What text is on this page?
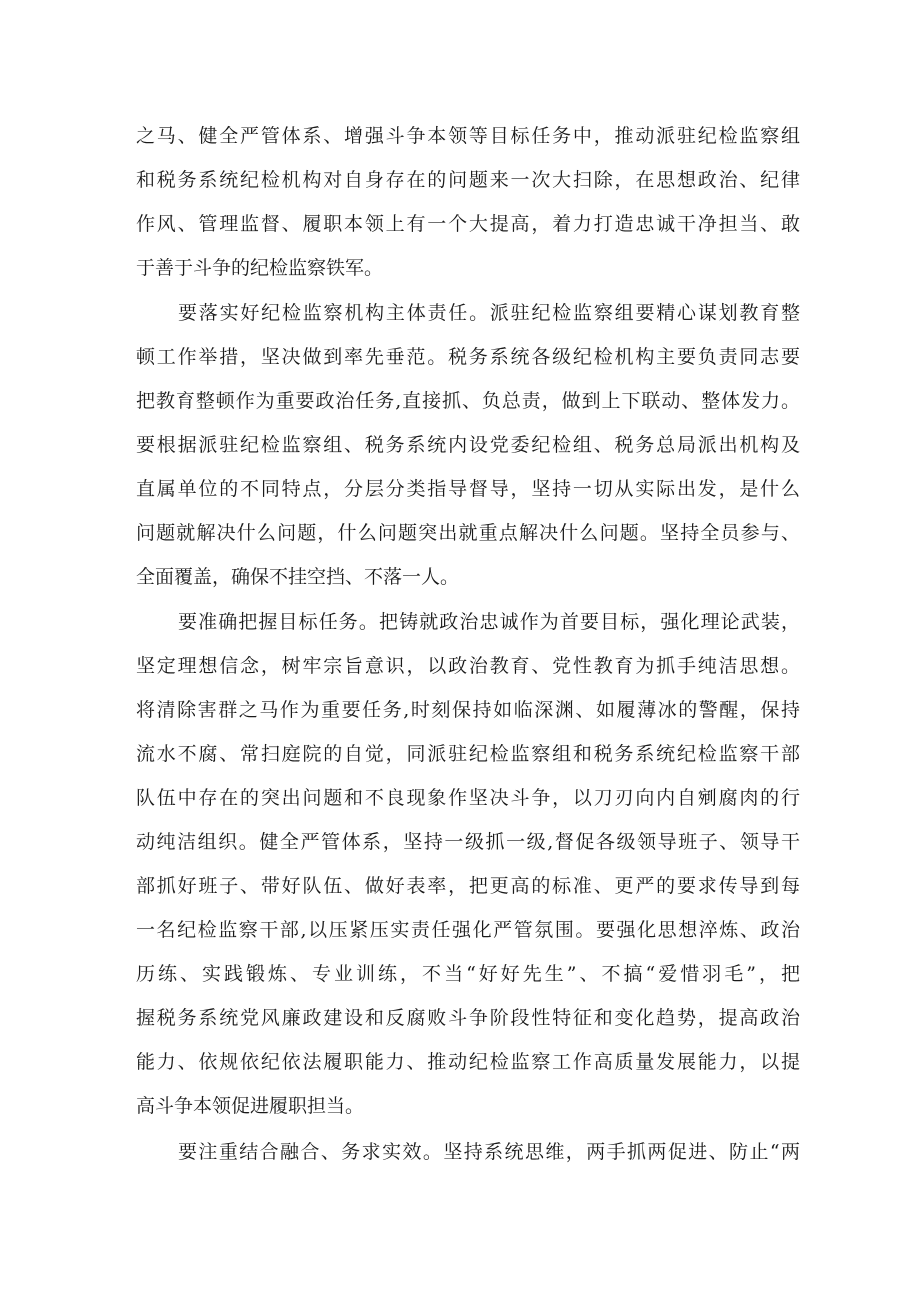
之马、健全严管体系、增强斗争本领等目标任务中，推动派驻纪检监察组
和税务系统纪检机构对自身存在的问题来一次大扫除，在思想政治、纪律
作风、管理监督、履职本领上有一个大提高，着力打造忠诚干净担当、敢
于善于斗争的纪检监察铁军。
要落实好纪检监察机构主体责任。派驻纪检监察组要精心谋划教育整
顿工作举措，坚决做到率先垂范。税务系统各级纪检机构主要负责同志要
把教育整顿作为重要政治任务,直接抓、负总责，做到上下联动、整体发力。
要根据派驻纪检监察组、税务系统内设党委纪检组、税务总局派出机构及
直属单位的不同特点，分层分类指导督导，坚持一切从实际出发，是什么
问题就解决什么问题，什么问题突出就重点解决什么问题。坚持全员参与、
全面覆盖，确保不挂空挡、不落一人。
要准确把握目标任务。把铸就政治忠诚作为首要目标，强化理论武装，
坚定理想信念，树牢宗旨意识，以政治教育、党性教育为抓手纯洁思想。
将清除害群之马作为重要任务,时刻保持如临深渊、如履薄冰的警醒，保持
流水不腐、常扫庭院的自觉，同派驻纪检监察组和税务系统纪检监察干部
队伍中存在的突出问题和不良现象作坚决斗争，以刀刃向内自剜腐肉的行
动纯洁组织。健全严管体系，坚持一级抓一级,督促各级领导班子、领导干
部抓好班子、带好队伍、做好表率，把更高的标准、更严的要求传导到每
一名纪检监察干部,以压紧压实责任强化严管氛围。要强化思想淬炼、政治
历练、实践锻炼、专业训练，不当“好好先生”、不搞“爱惜羽毛”，把
握税务系统党风廉政建设和反腐败斗争阶段性特征和变化趋势，提高政治
能力、依规依纪依法履职能力、推动纪检监察工作高质量发展能力，以提
高斗争本领促进履职担当。
要注重结合融合、务求实效。坚持系统思维，两手抓两促进、防止“两
